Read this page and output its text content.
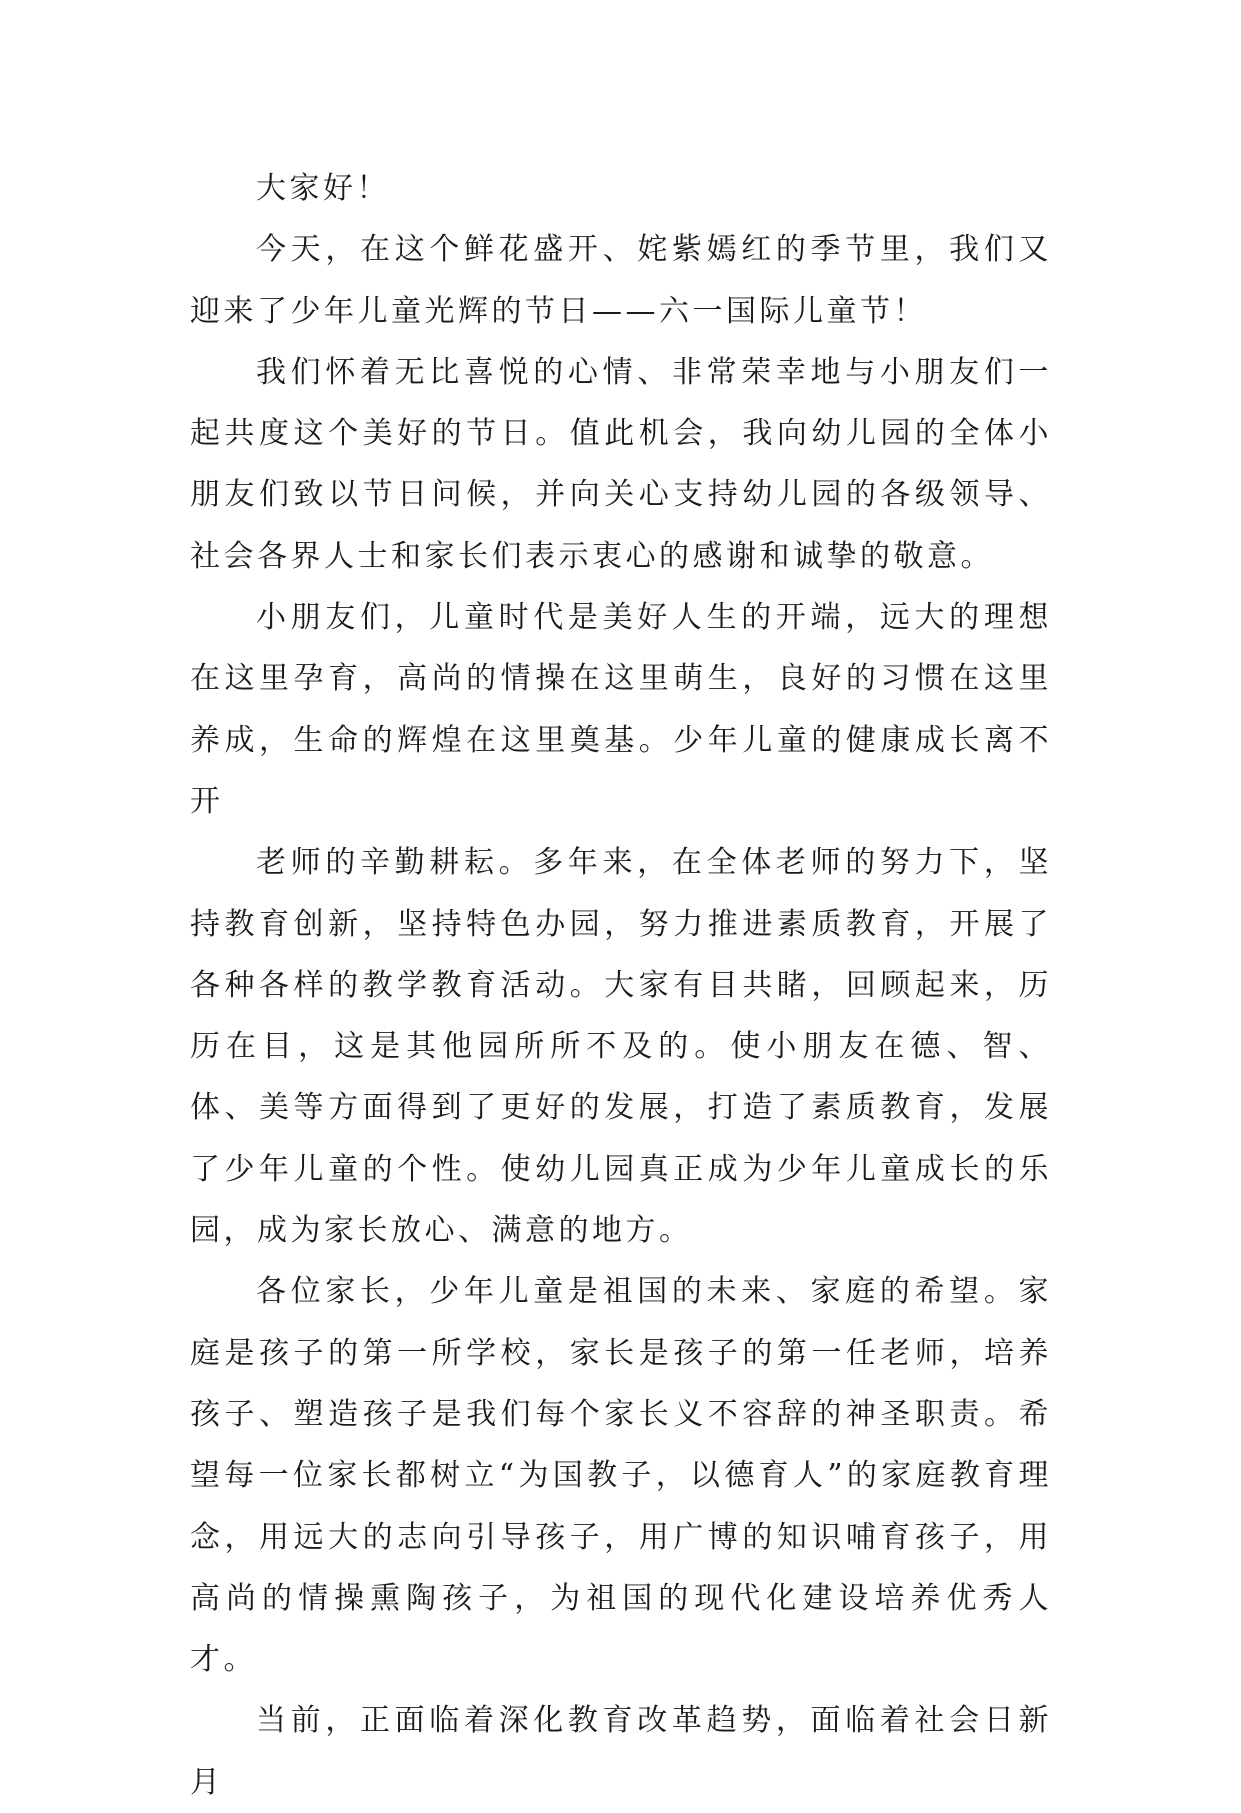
大家好！

今天，在这个鲜花盛开、姹紫嫣红的季节里，我们又迎来了少年儿童光辉的节日——六一国际儿童节！

我们怀着无比喜悦的心情、非常荣幸地与小朋友们一起共度这个美好的节日。值此机会，我向幼儿园的全体小朋友们致以节日问候，并向关心支持幼儿园的各级领导、社会各界人士和家长们表示衷心的感谢和诚挚的敬意。

小朋友们，儿童时代是美好人生的开端，远大的理想在这里孕育，高尚的情操在这里萌生，良好的习惯在这里养成，生命的辉煌在这里奠基。少年儿童的健康成长离不开

老师的辛勤耕耘。多年来，在全体老师的努力下，坚持教育创新，坚持特色办园，努力推进素质教育，开展了各种各样的教学教育活动。大家有目共睹，回顾起来，历历在目，这是其他园所所不及的。使小朋友在德、智、体、美等方面得到了更好的发展，打造了素质教育，发展了少年儿童的个性。使幼儿园真正成为少年儿童成长的乐园，成为家长放心、满意的地方。

各位家长，少年儿童是祖国的未来、家庭的希望。家庭是孩子的第一所学校，家长是孩子的第一任老师，培养孩子、塑造孩子是我们每个家长义不容辞的神圣职责。希望每一位家长都树立“为国教子，以德育人”的家庭教育理念，用远大的志向引导孩子，用广博的知识哺育孩子，用高尚的情操熏陶孩子，为祖国的现代化建设培养优秀人才。

当前，正面临着深化教育改革趋势，面临着社会日新月
